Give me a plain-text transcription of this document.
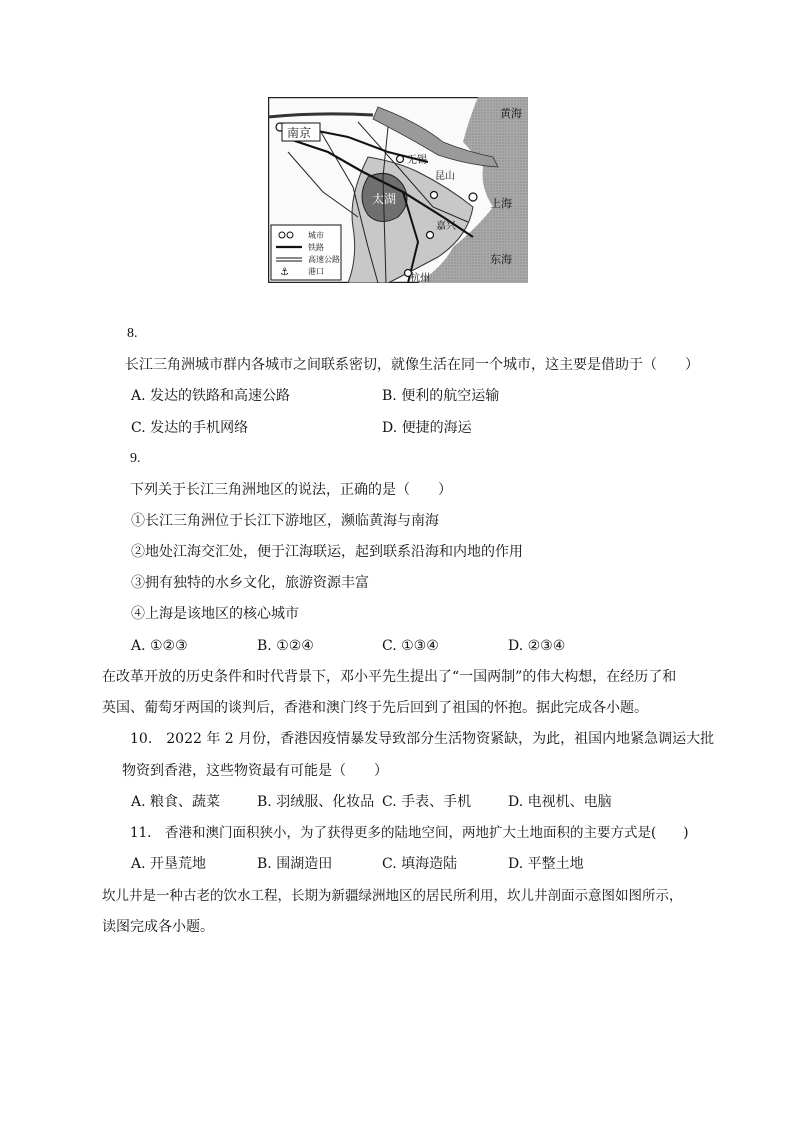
黄海
南京
无锡
昆山
太湖
嘉兴
上海
东海
杭州
城市
铁路
高速公路
⚓ 港口
8.
长江三角洲城市群内各城市之间联系密切，就像生活在同一个城市，这主要是借助于（　　）
A. 发达的铁路和高速公路	B. 便利的航空运输
C. 发达的手机网络	D. 便捷的海运
9.
下列关于长江三角洲地区的说法，正确的是（　　）
①长江三角洲位于长江下游地区，濒临黄海与南海
②地处江海交汇处，便于江海联运，起到联系沿海和内地的作用
③拥有独特的水乡文化，旅游资源丰富
④上海是该地区的核心城市
A. ①②③	B. ①②④	C. ①③④	D. ②③④
在改革开放的历史条件和时代背景下，邓小平先生提出了“一国两制”的伟大构想，在经历了和
英国、葡萄牙两国的谈判后，香港和澳门终于先后回到了祖国的怀抱。据此完成各小题。
10.　2022 年 2 月份，香港因疫情暴发导致部分生活物资紧缺，为此，祖国内地紧急调运大批
物资到香港，这些物资最有可能是（　　）
A. 粮食、蔬菜	B. 羽绒服、化妆品 C. 手表、手机	D. 电视机、电脑
11.　香港和澳门面积狭小，为了获得更多的陆地空间，两地扩大土地面积的主要方式是(　　)
A. 开垦荒地	B. 围湖造田	C. 填海造陆	D. 平整土地
坎儿井是一种古老的饮水工程，长期为新疆绿洲地区的居民所利用，坎儿井剖面示意图如图所示，
读图完成各小题。
